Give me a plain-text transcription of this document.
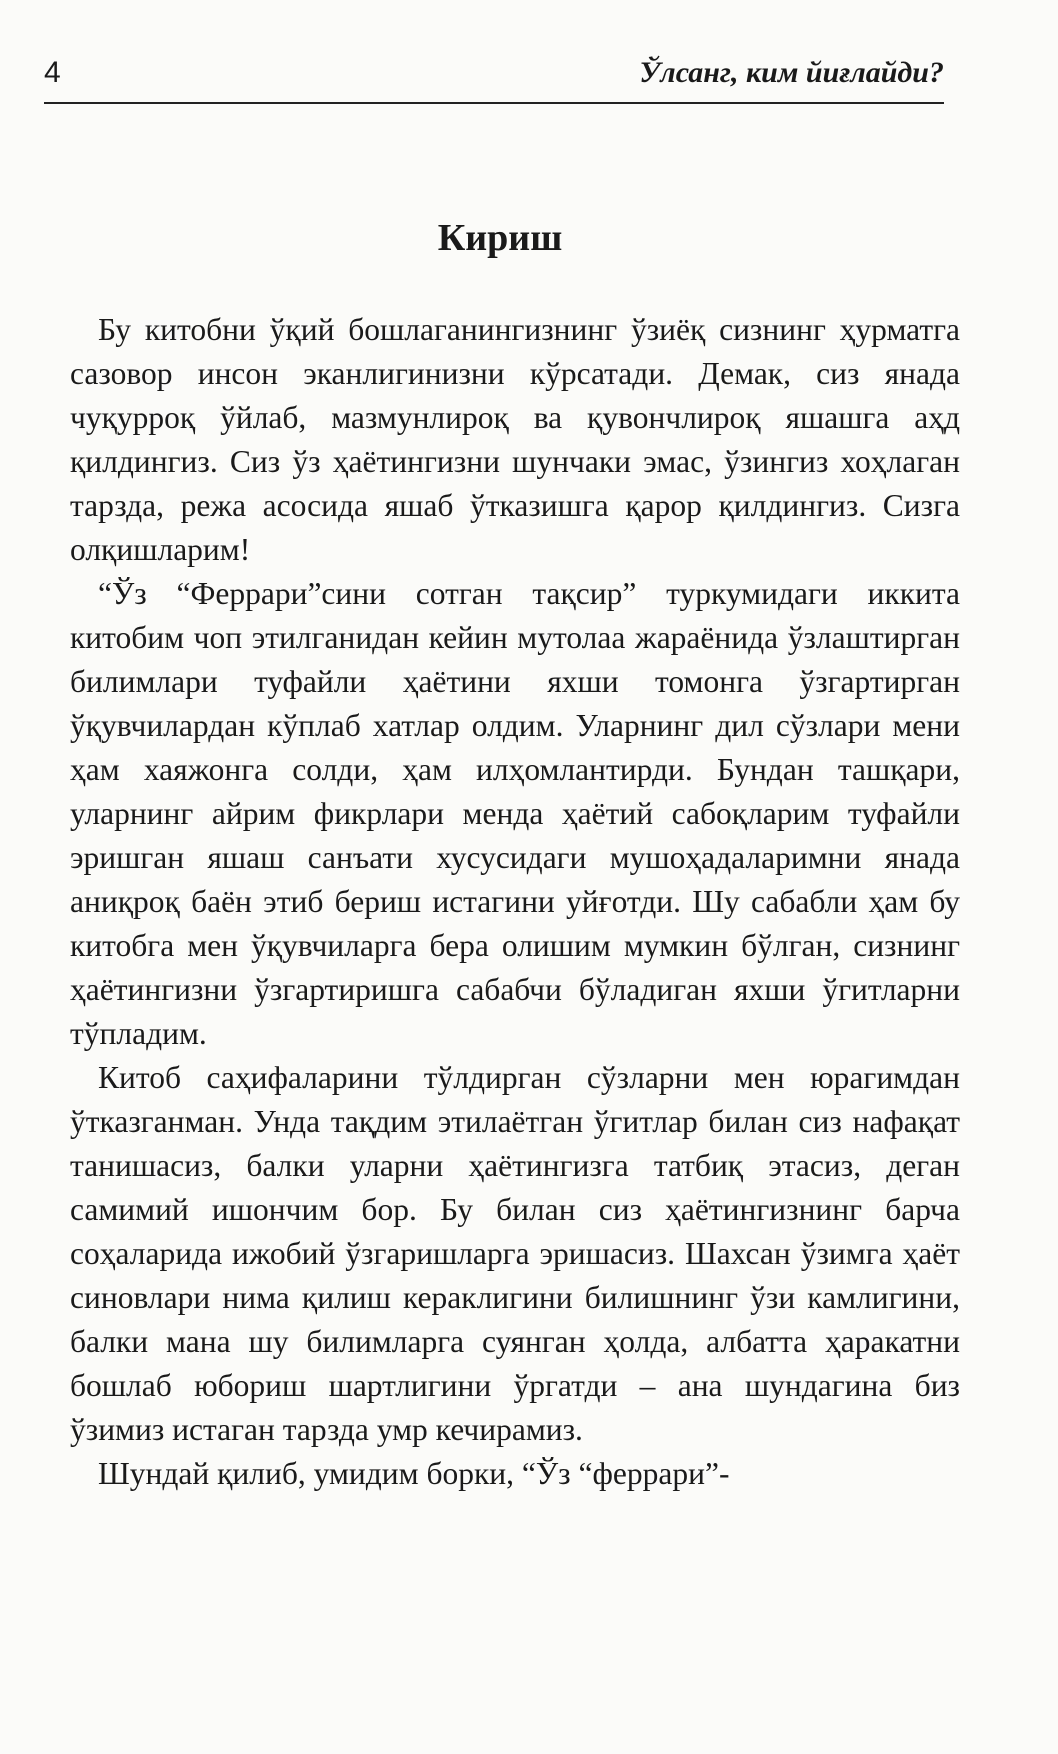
4	Ўлсанг, ким йиғлайди?
Кириш

Бу китобни ўқий бошлаганингизнинг ўзиёқ сизнинг ҳурматга сазовор инсон эканлигинизни кўрсатади. Демак, сиз янада чуқурроқ ўйлаб, мазмунлироқ ва қувончлироқ яшашга аҳд қилдингиз. Сиз ўз ҳаётингизни шунчаки эмас, ўзингиз хоҳлаган тарзда, режа асосида яшаб ўтказишга қарор қилдингиз. Сизга олқишларим!

“Ўз “Феррари”сини сотган тақсир” туркумидаги иккита китобим чоп этилганидан кейин мутолаа жараёнида ўзлаштирган билимлари туфайли ҳаётини яхши томонга ўзгартирган ўқувчилардан кўплаб хатлар олдим. Уларнинг дил сўзлари мени ҳам хаяжонга солди, ҳам илҳомлантирди. Бундан ташқари, уларнинг айрим фикрлари менда ҳаётий сабоқларим туфайли эришган яшаш санъати хусусидаги мушоҳадаларимни янада аниқроқ баён этиб бериш истагини уйғотди. Шу сабабли ҳам бу китобга мен ўқувчиларга бера олишим мумкин бўлган, сизнинг ҳаётингизни ўзгартиришга сабабчи бўладиган яхши ўгитларни тўпладим.

Китоб саҳифаларини тўлдирган сўзларни мен юрагимдан ўтказганман. Унда тақдим этилаётган ўгитлар билан сиз нафақат танишасиз, балки уларни ҳаётингизга татбиқ этасиз, деган самимий ишончим бор. Бу билан сиз ҳаётингизнинг барча соҳаларида ижобий ўзгаришларга эришасиз. Шахсан ўзимга ҳаёт синовлари нима қилиш кераклигини билишнинг ўзи камлигини, балки мана шу билимларга суянган ҳолда, албатта ҳаракатни бошлаб юбориш шартлигини ўргатди – ана шундагина биз ўзимиз истаган тарзда умр кечирамиз.

Шундай қилиб, умидим борки, “Ўз “феррари”-
